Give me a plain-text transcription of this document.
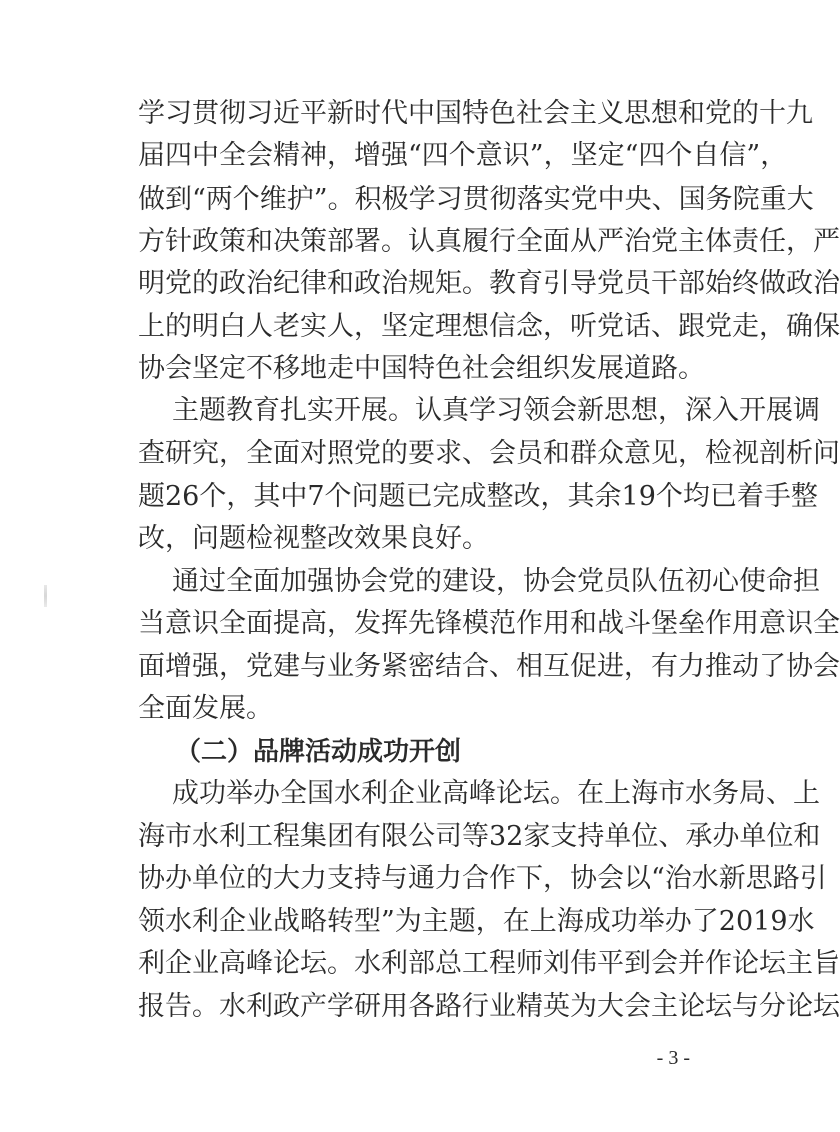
学习贯彻习近平新时代中国特色社会主义思想和党的十九
届四中全会精神，增强“四个意识”，坚定“四个自信”，
做到“两个维护”。积极学习贯彻落实党中央、国务院重大
方针政策和决策部署。认真履行全面从严治党主体责任，严
明党的政治纪律和政治规矩。教育引导党员干部始终做政治
上的明白人老实人，坚定理想信念，听党话、跟党走，确保
协会坚定不移地走中国特色社会组织发展道路。
主题教育扎实开展。认真学习领会新思想，深入开展调
查研究，全面对照党的要求、会员和群众意见，检视剖析问
题26个，其中7个问题已完成整改，其余19个均已着手整
改，问题检视整改效果良好。
通过全面加强协会党的建设，协会党员队伍初心使命担
当意识全面提高，发挥先锋模范作用和战斗堡垒作用意识全
面增强，党建与业务紧密结合、相互促进，有力推动了协会
全面发展。
（二）品牌活动成功开创
成功举办全国水利企业高峰论坛。在上海市水务局、上
海市水利工程集团有限公司等32家支持单位、承办单位和
协办单位的大力支持与通力合作下，协会以“治水新思路引
领水利企业战略转型”为主题，在上海成功举办了2019水
利企业高峰论坛。水利部总工程师刘伟平到会并作论坛主旨
报告。水利政产学研用各路行业精英为大会主论坛与分论坛
- 3 -
